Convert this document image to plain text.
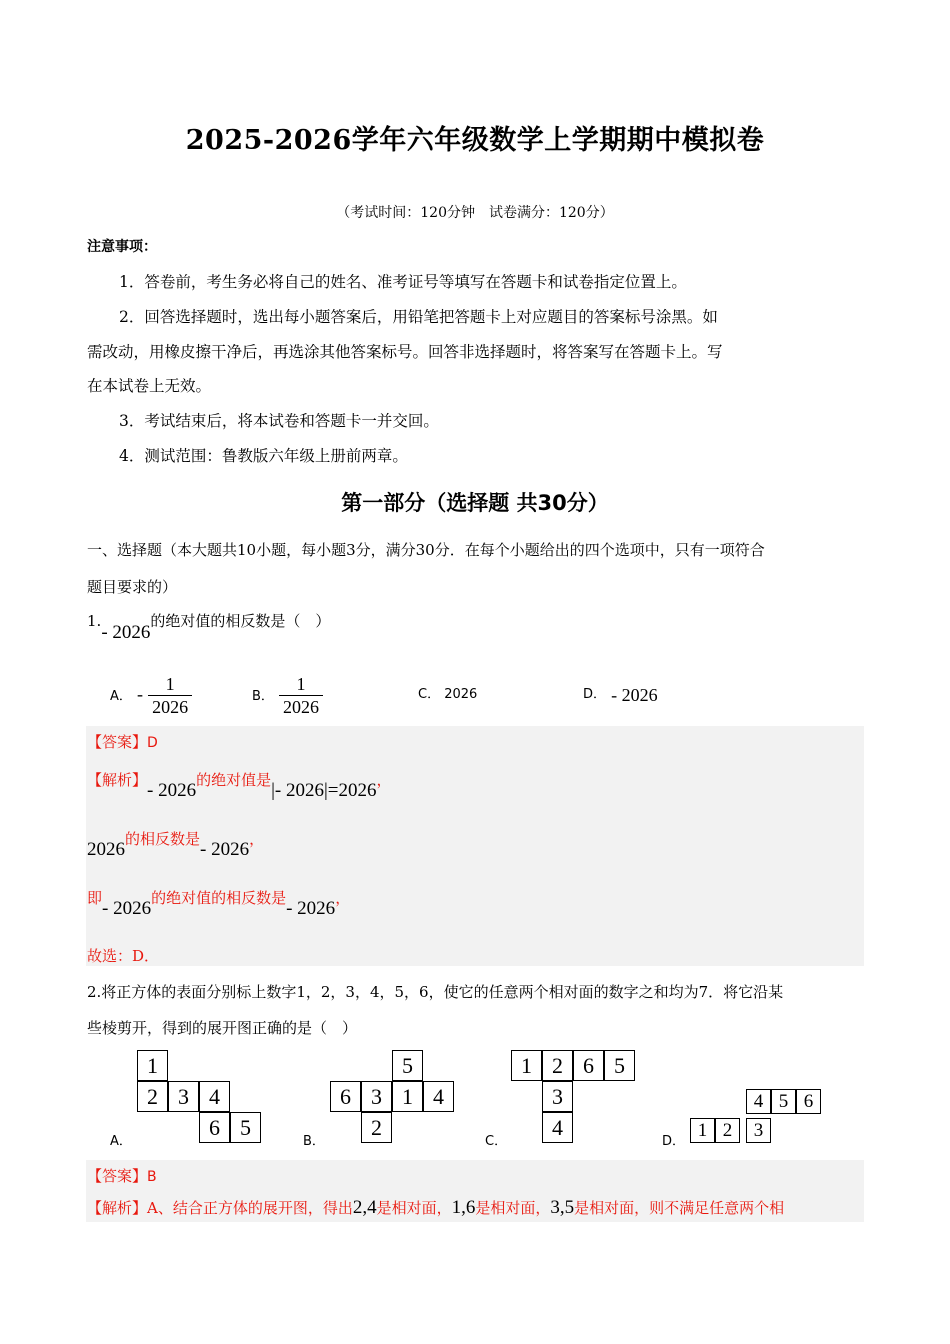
2025-2026学年六年级数学上学期期中模拟卷
（考试时间：120分钟　试卷满分：120分）
注意事项：
1．答卷前，考生务必将自己的姓名、准考证号等填写在答题卡和试卷指定位置上。
2．回答选择题时，选出每小题答案后，用铅笔把答题卡上对应题目的答案标号涂黑。如
需改动，用橡皮擦干净后，再选涂其他答案标号。回答非选择题时，将答案写在答题卡上。写
在本试卷上无效。
3．考试结束后，将本试卷和答题卡一并交回。
4．测试范围：鲁教版六年级上册前两章。
第一部分（选择题 共30分）
一、选择题（本大题共10小题，每小题3分，满分30分．在每个小题给出的四个选项中，只有一项符合
题目要求的）
1.- 2026的绝对值的相反数是（　）
A． - $\frac{1}{2026}$	B． $\frac{1}{2026}$	C． 2026	D． - 2026
【答案】D
【解析】- 2026的绝对值是|- 2026|=2026，
2026的相反数是- 2026，
即- 2026的绝对值的相反数是- 2026，
故选：D．
2.将正方体的表面分别标上数字1，2，3，4，5，6，使它的任意两个相对面的数字之和均为7．将它沿某
些棱剪开，得到的展开图正确的是（　）
A．
1
2 3 4
6 5
B．
5
6 3 1 4
2
C．
1 2 6 5
3
4
D．
4 5 6
1 2	3
【答案】B
【解析】A、结合正方体的展开图，得出2,4是相对面，1,6是相对面，3,5是相对面，则不满足任意两个相
